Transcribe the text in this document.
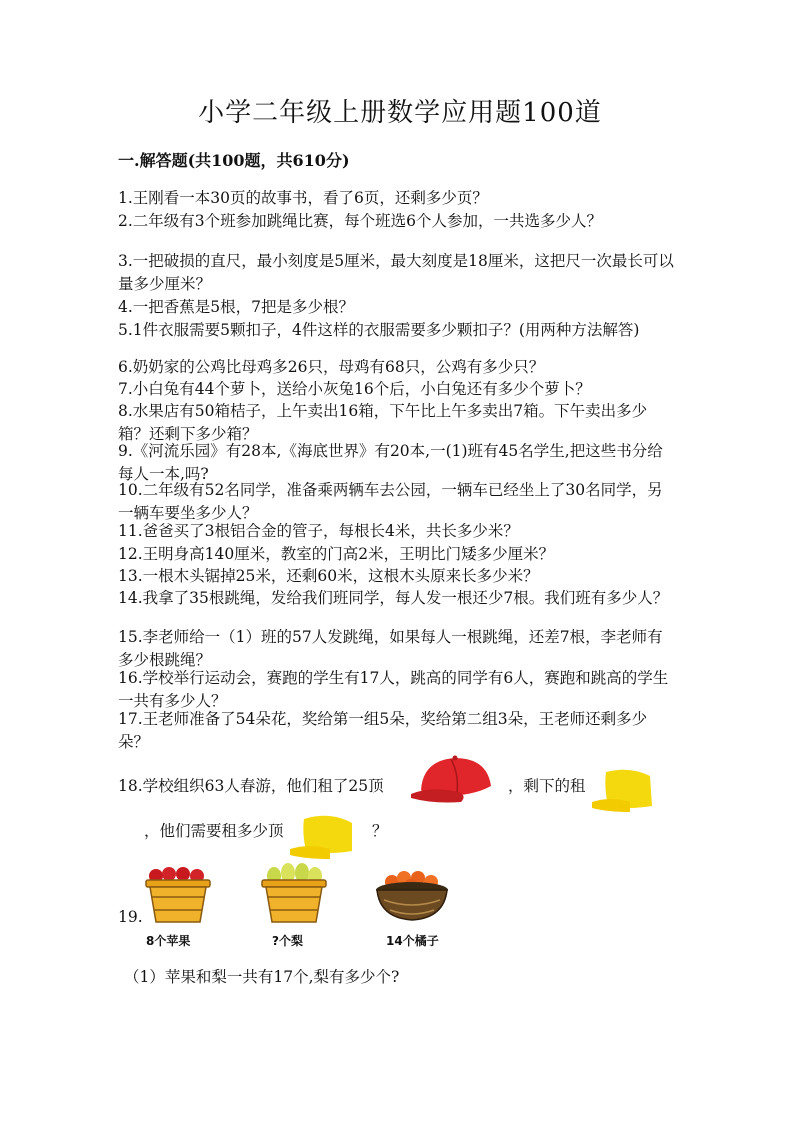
小学二年级上册数学应用题100道
一.解答题(共100题，共610分)
1.王刚看一本30页的故事书，看了6页，还剩多少页？
2.二年级有3个班参加跳绳比赛，每个班选6个人参加，一共选多少人？
3.一把破损的直尺，最小刻度是5厘米，最大刻度是18厘米，这把尺一次最长可以量多少厘米？
4.一把香蕉是5根，7把是多少根？
5.1件衣服需要5颗扣子，4件这样的衣服需要多少颗扣子？(用两种方法解答)
6.奶奶家的公鸡比母鸡多26只，母鸡有68只，公鸡有多少只？
7.小白兔有44个萝卜，送给小灰兔16个后，小白兔还有多少个萝卜？
8.水果店有50箱桔子，上午卖出16箱，下午比上午多卖出7箱。下午卖出多少箱？还剩下多少箱？
9.《河流乐园》有28本,《海底世界》有20本,一(1)班有45名学生,把这些书分给每人一本,吗?
10.二年级有52名同学，准备乘两辆车去公园，一辆车已经坐上了30名同学，另一辆车要坐多少人？
11.爸爸买了3根铝合金的管子，每根长4米，共长多少米？
12.王明身高140厘米，教室的门高2米，王明比门矮多少厘米？
13.一根木头锯掉25米，还剩60米，这根木头原来长多少米？
14.我拿了35根跳绳，发给我们班同学，每人发一根还少7根。我们班有多少人？
15.李老师给一（1）班的57人发跳绳，如果每人一根跳绳，还差7根，李老师有多少根跳绳？
16.学校举行运动会，赛跑的学生有17人，跳高的同学有6人，赛跑和跳高的学生一共有多少人？
17.王老师准备了54朵花，奖给第一组5朵，奖给第二组3朵，王老师还剩多少朵？
18.学校组织63人春游，他们租了25顶	，剩下的租
，他们需要租多少顶	？
19.
8个苹果	?个梨	14个橘子
（1）苹果和梨一共有17个,梨有多少个?
